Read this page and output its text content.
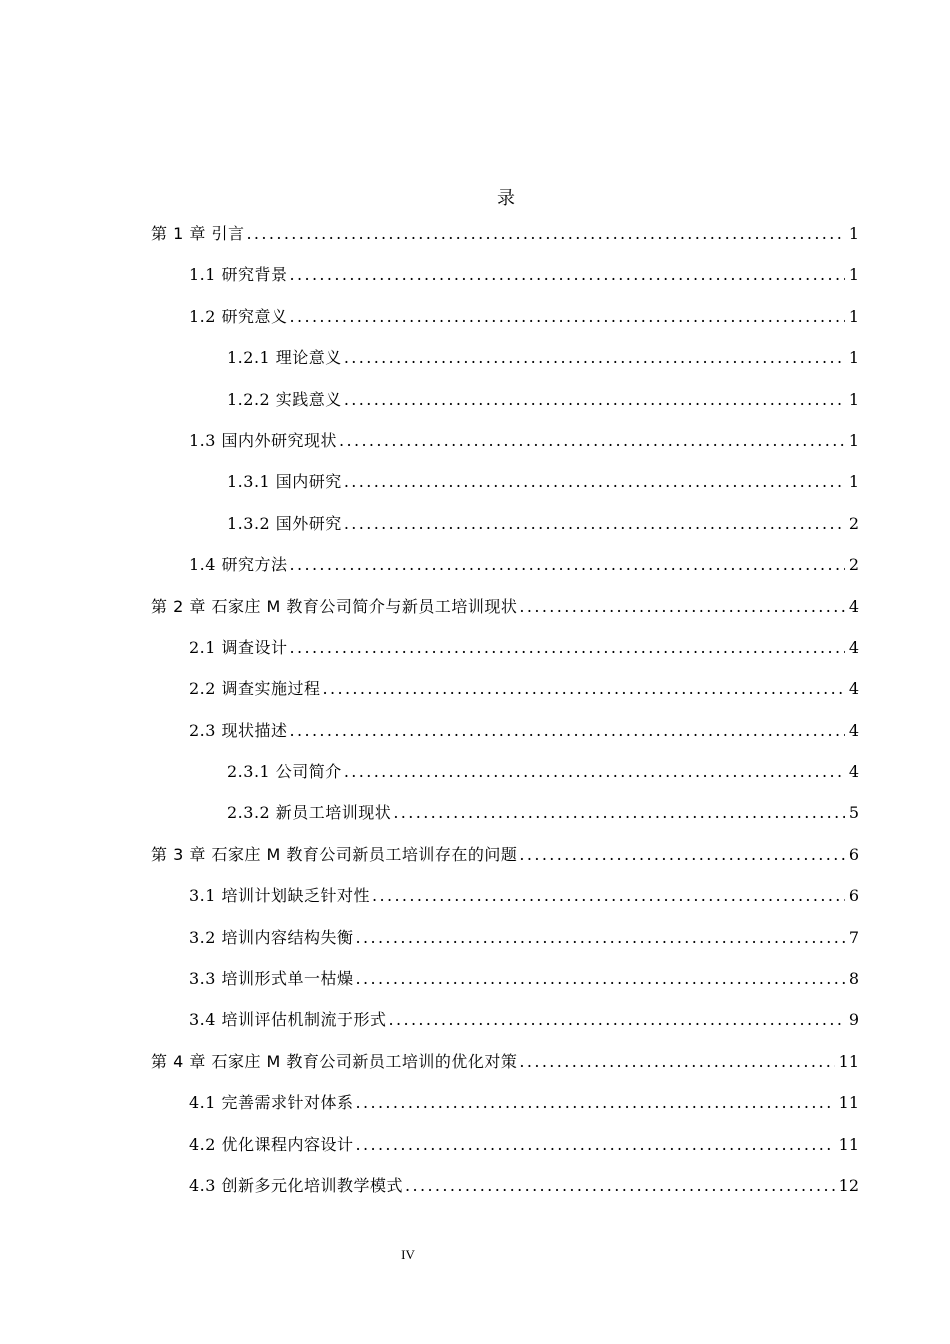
录
第 1 章 引言 . . .	1
1.1 研究背景 . . .	1
1.2 研究意义 . . .	1
1.2.1 理论意义 . . .	1
1.2.2 实践意义 . . .	1
1.3 国内外研究现状 . . .	1
1.3.1 国内研究 . . .	1
1.3.2 国外研究 . . .	2
1.4 研究方法 . . .	2
第 2 章 石家庄 M 教育公司简介与新员工培训现状 . . .	4
2.1 调查设计 . . .	4
2.2 调查实施过程 . . .	4
2.3 现状描述 . . .	4
2.3.1 公司简介 . . .	4
2.3.2 新员工培训现状 . . .	5
第 3 章 石家庄 M 教育公司新员工培训存在的问题 . . .	6
3.1 培训计划缺乏针对性 . . .	6
3.2 培训内容结构失衡 . . .	7
3.3 培训形式单一枯燥 . . .	8
3.4 培训评估机制流于形式 . . .	9
第 4 章 石家庄 M 教育公司新员工培训的优化对策 . . .	11
4.1 完善需求针对体系 . . .	11
4.2 优化课程内容设计 . . .	11
4.3 创新多元化培训教学模式 . . .	12
IV
